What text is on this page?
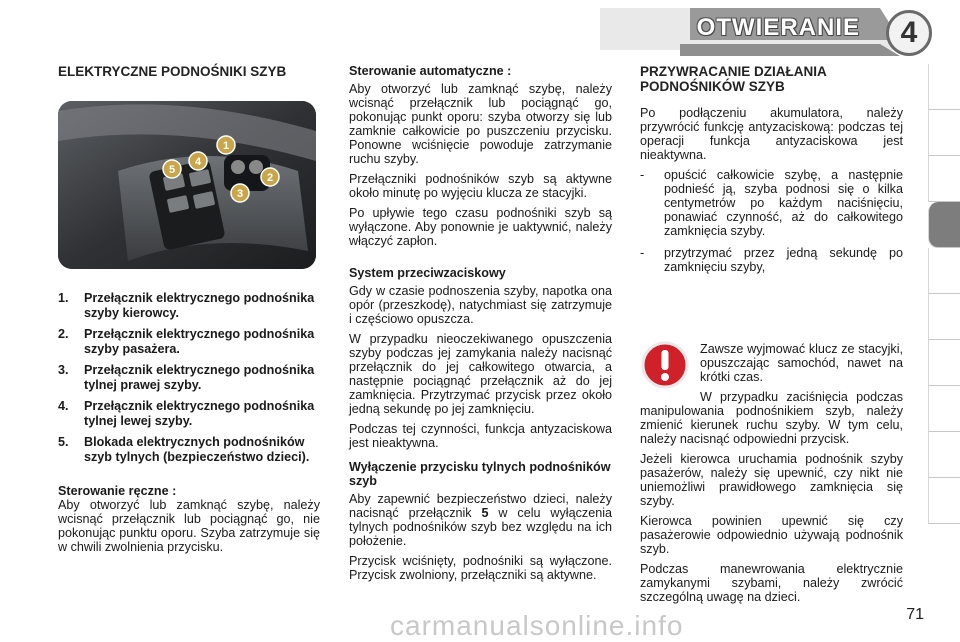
OTWIERANIE	4
ELEKTRYCZNE PODNOŚNIKI SZYB
1
2
3
4
5
1.	Przełącznik elektrycznego podnośnika szyby kierowcy.
2.	Przełącznik elektrycznego podnośnika szyby pasażera.
3.	Przełącznik elektrycznego podnośnika tylnej prawej szyby.
4.	Przełącznik elektrycznego podnośnika tylnej lewej szyby.
5.	Blokada elektrycznych podnośników szyb tylnych (bezpieczeństwo dzieci).
Sterowanie ręczne :

Aby otworzyć lub zamknąć szybę, należy wcisnąć przełącznik lub pociągnąć go, nie pokonując punktu oporu. Szyba zatrzymuje się w chwili zwolnienia przycisku.

Sterowanie automatyczne :

Aby otworzyć lub zamknąć szybę, należy wcisnąć przełącznik lub pociągnąć go, pokonując punkt oporu: szyba otworzy się lub zamknie całkowicie po puszczeniu przycisku. Ponowne wciśnięcie powoduje zatrzymanie ruchu szyby.

Przełączniki podnośników szyb są aktywne około minutę po wyjęciu klucza ze stacyjki.

Po upływie tego czasu podnośniki szyb są wyłączone. Aby ponownie je uaktywnić, należy włączyć zapłon.

System przeciwzaciskowy

Gdy w czasie podnoszenia szyby, napotka ona opór (przeszkodę), natychmiast się zatrzymuje i częściowo opuszcza.

W przypadku nieoczekiwanego opuszczenia szyby podczas jej zamykania należy nacisnąć przełącznik do jej całkowitego otwarcia, a następnie pociągnąć przełącznik aż do jej zamknięcia. Przytrzymać przycisk przez około jedną sekundę po jej zamknięciu.

Podczas tej czynności, funkcja antyzaciskowa jest nieaktywna.

Wyłączenie przycisku tylnych podnośników szyb

Aby zapewnić bezpieczeństwo dzieci, należy nacisnąć przełącznik 5 w celu wyłączenia tylnych podnośników szyb bez względu na ich położenie.

Przycisk wciśnięty, podnośniki są wyłączone. Przycisk zwolniony, przełączniki są aktywne.

PRZYWRACANIE DZIAŁANIA PODNOŚNIKÓW SZYB

Po podłączeniu akumulatora, należy przywrócić funkcję antyzaciskową: podczas tej operacji funkcja antyzaciskowa jest nieaktywna.

-	opuścić całkowicie szybę, a następnie podnieść ją, szyba podnosi się o kilka centymetrów po każdym naciśnięciu, ponawiać czynność, aż do całkowitego zamknięcia szyby.
-	przytrzymać przez jedną sekundę po zamknięciu szyby,

Zawsze wyjmować klucz ze stacyjki, opuszczając samochód, nawet na krótki czas.

W przypadku zaciśnięcia podczas manipulowania podnośnikiem szyb, należy zmienić kierunek ruchu szyby. W tym celu, należy nacisnąć odpowiedni przycisk.

Jeżeli kierowca uruchamia podnośnik szyby pasażerów, należy się upewnić, czy nikt nie uniemożliwi prawidłowego zamknięcia się szyby.

Kierowca powinien upewnić się czy pasażerowie odpowiednio używają podnośnik szyb.

Podczas manewrowania elektrycznie zamykanymi szybami, należy zwrócić szczególną uwagę na dzieci.

carmanualsonline.info	71
